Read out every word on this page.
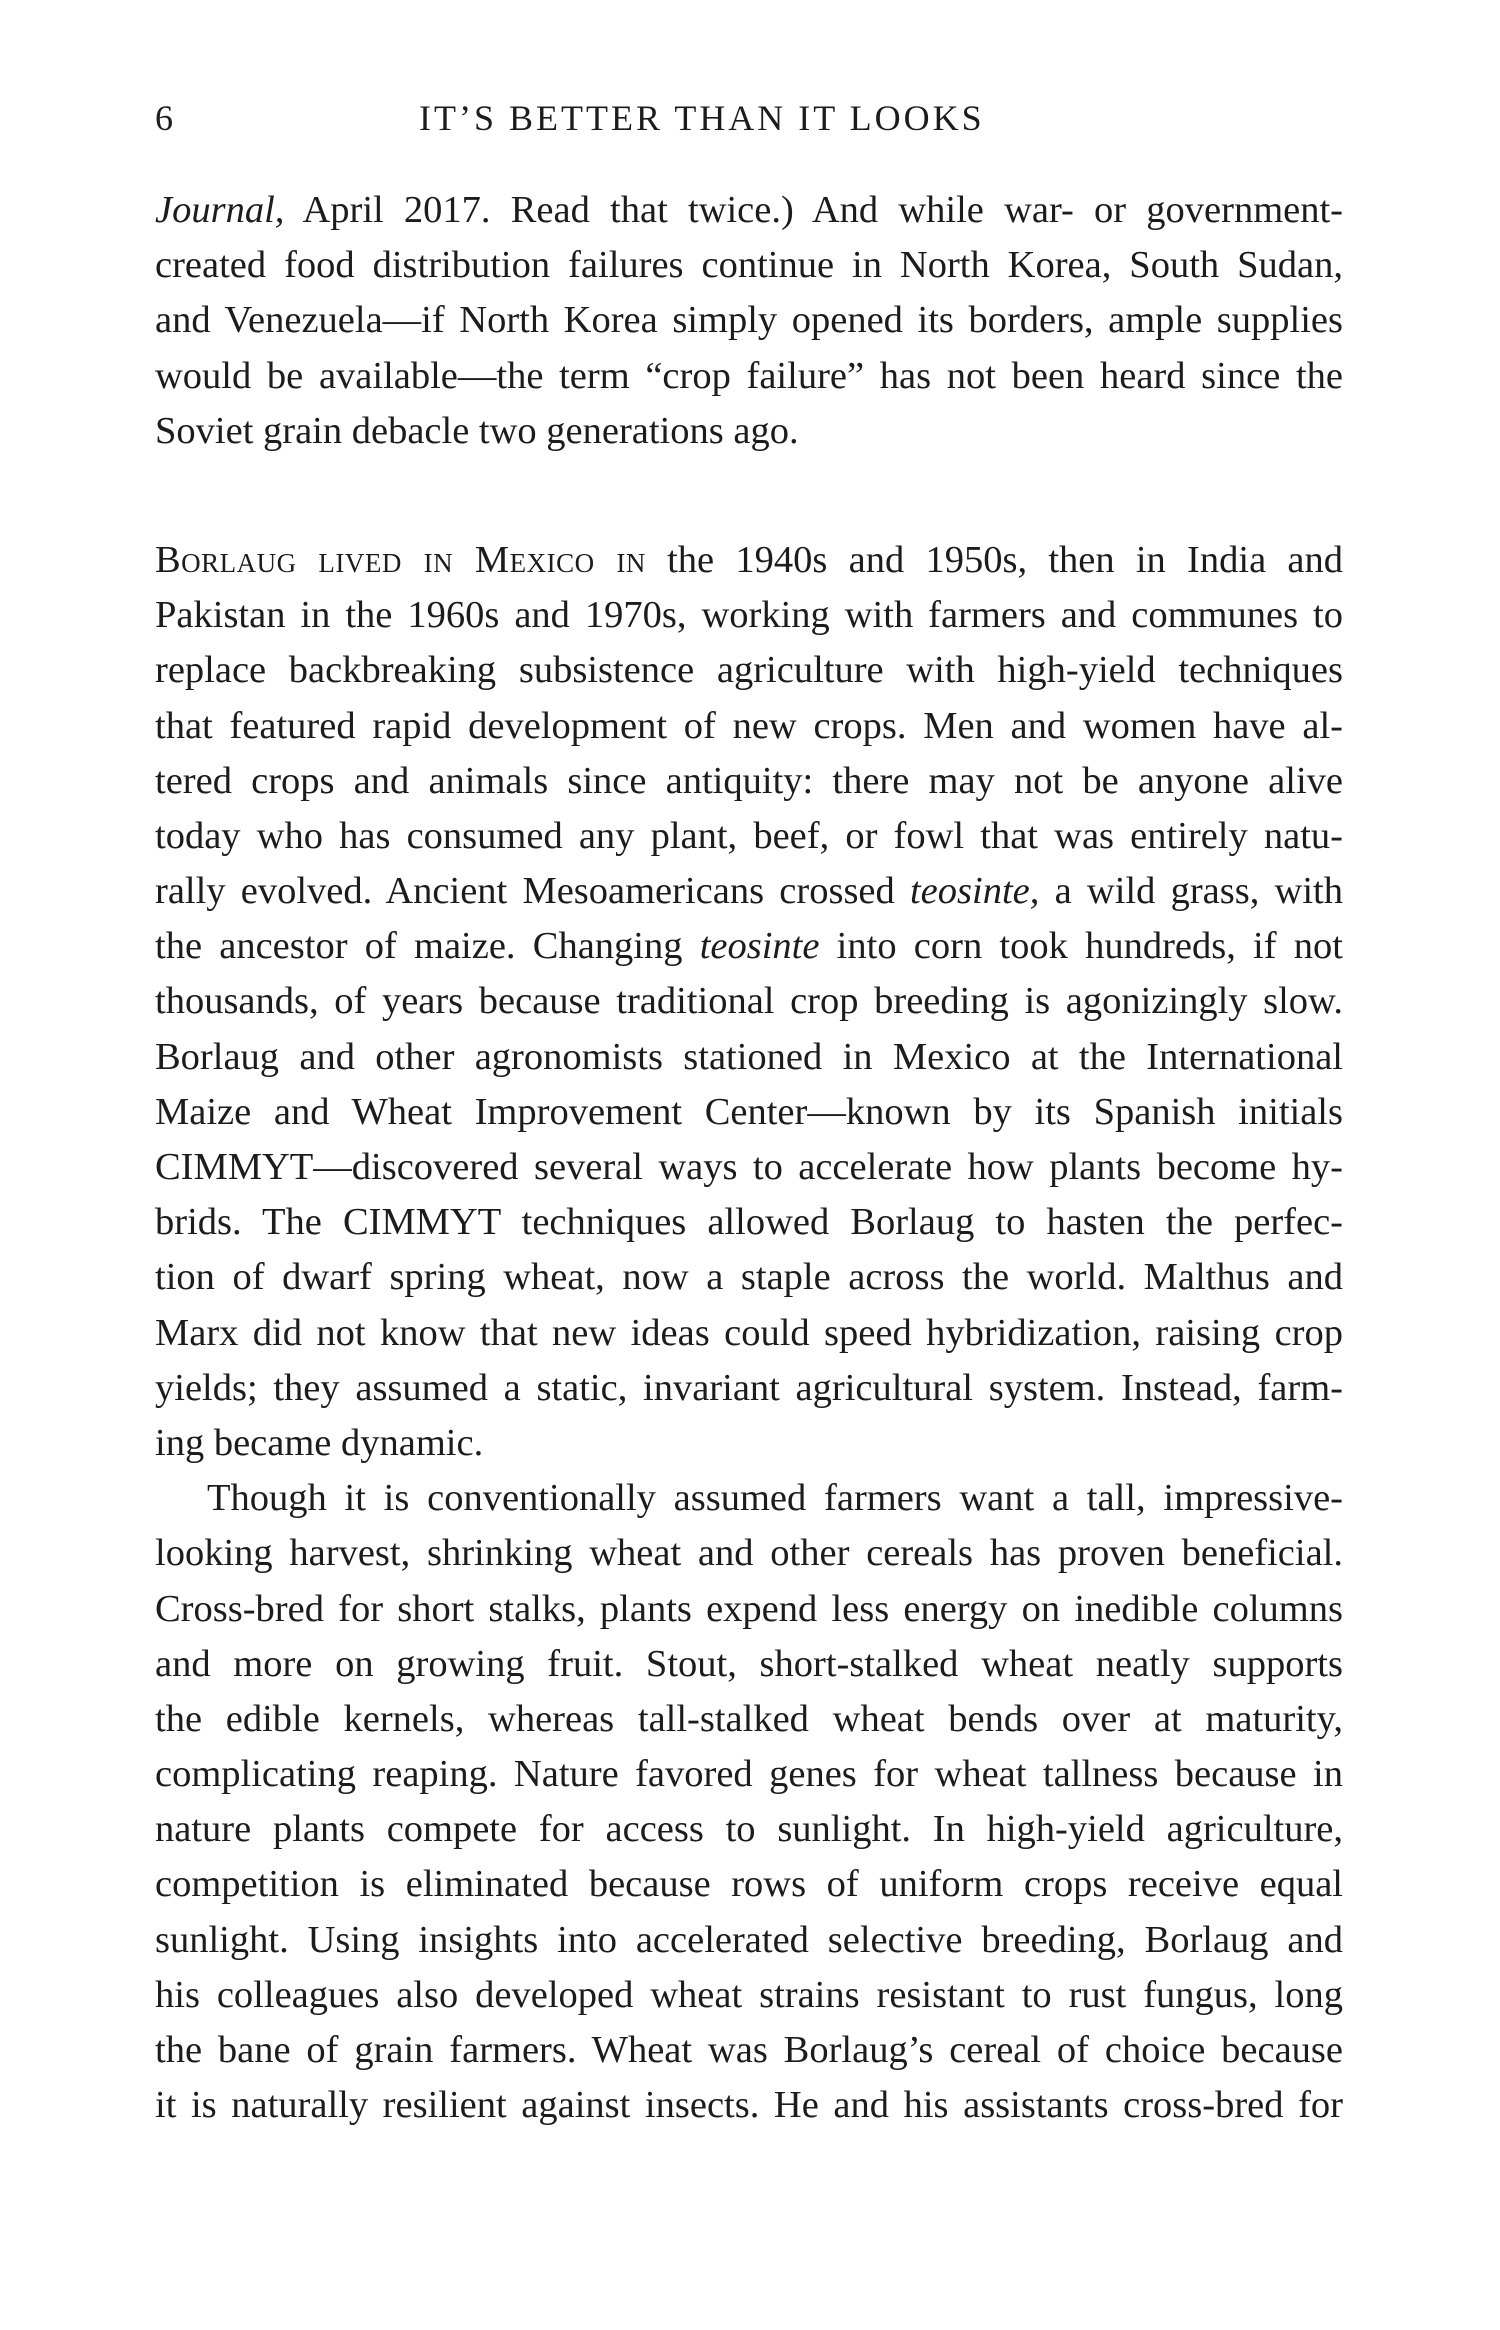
6	IT’S BETTER THAN IT LOOKS
Journal, April 2017. Read that twice.) And while war- or government-
created food distribution failures continue in North Korea, South Sudan,
and Venezuela—if North Korea simply opened its borders, ample supplies
would be available—the term “crop failure” has not been heard since the
Soviet grain debacle two generations ago.
Borlaug lived in Mexico in the 1940s and 1950s, then in India and
Pakistan in the 1960s and 1970s, working with farmers and communes to
replace backbreaking subsistence agriculture with high-yield techniques
that featured rapid development of new crops. Men and women have al-
tered crops and animals since antiquity: there may not be anyone alive
today who has consumed any plant, beef, or fowl that was entirely natu-
rally evolved. Ancient Mesoamericans crossed teosinte, a wild grass, with
the ancestor of maize. Changing teosinte into corn took hundreds, if not
thousands, of years because traditional crop breeding is agonizingly slow.
Borlaug and other agronomists stationed in Mexico at the International
Maize and Wheat Improvement Center—known by its Spanish initials
CIMMYT—discovered several ways to accelerate how plants become hy-
brids. The CIMMYT techniques allowed Borlaug to hasten the perfec-
tion of dwarf spring wheat, now a staple across the world. Malthus and
Marx did not know that new ideas could speed hybridization, raising crop
yields; they assumed a static, invariant agricultural system. Instead, farm-
ing became dynamic.
Though it is conventionally assumed farmers want a tall, impressive-
looking harvest, shrinking wheat and other cereals has proven beneficial.
Cross-bred for short stalks, plants expend less energy on inedible columns
and more on growing fruit. Stout, short-stalked wheat neatly supports
the edible kernels, whereas tall-stalked wheat bends over at maturity,
complicating reaping. Nature favored genes for wheat tallness because in
nature plants compete for access to sunlight. In high-yield agriculture,
competition is eliminated because rows of uniform crops receive equal
sunlight. Using insights into accelerated selective breeding, Borlaug and
his colleagues also developed wheat strains resistant to rust fungus, long
the bane of grain farmers. Wheat was Borlaug’s cereal of choice because
it is naturally resilient against insects. He and his assistants cross-bred for
